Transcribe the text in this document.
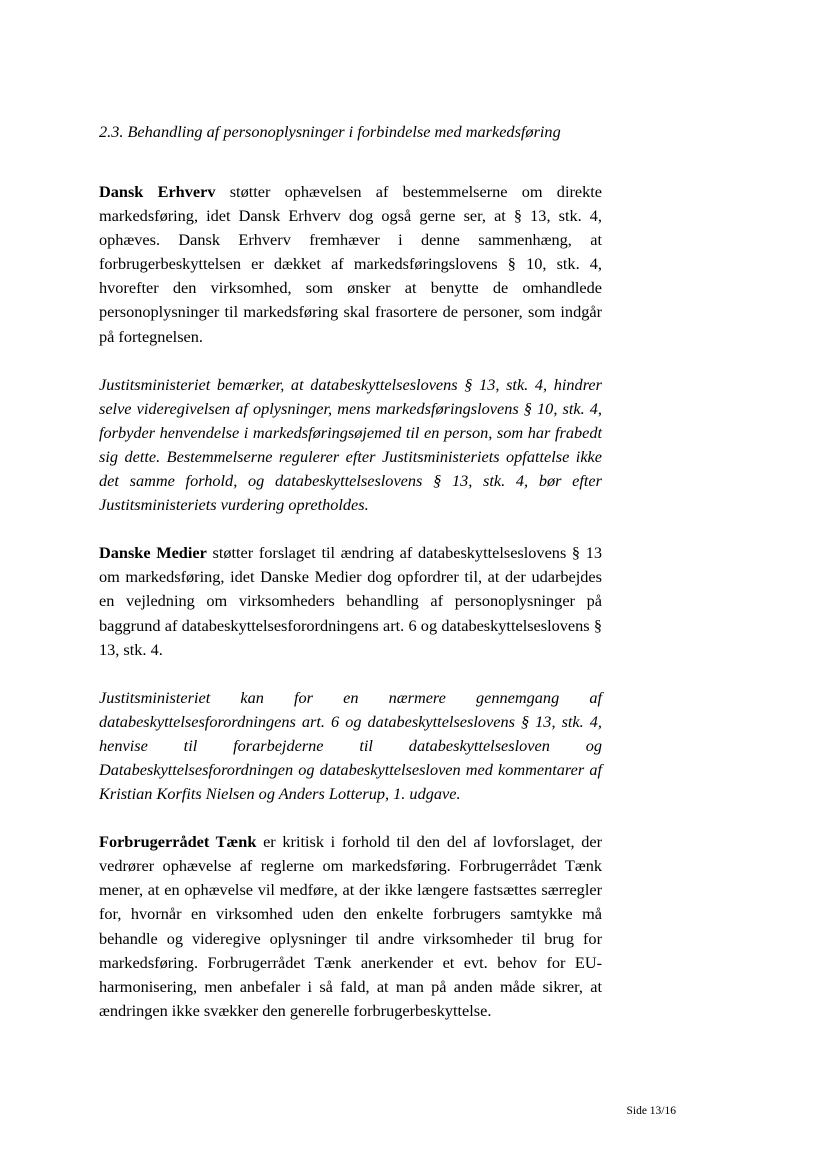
2.3. Behandling af personoplysninger i forbindelse med markedsføring

Dansk Erhverv støtter ophævelsen af bestemmelserne om direkte markedsføring, idet Dansk Erhverv dog også gerne ser, at § 13, stk. 4, ophæves. Dansk Erhverv fremhæver i denne sammenhæng, at forbrugerbeskyttelsen er dækket af markedsføringslovens § 10, stk. 4, hvorefter den virksomhed, som ønsker at benytte de omhandlede personoplysninger til markedsføring skal frasortere de personer, som indgår på fortegnelsen.

Justitsministeriet bemærker, at databeskyttelseslovens § 13, stk. 4, hindrer selve videregivelsen af oplysninger, mens markedsføringslovens § 10, stk. 4, forbyder henvendelse i markedsføringsøjemed til en person, som har frabedt sig dette. Bestemmelserne regulerer efter Justitsministeriets opfattelse ikke det samme forhold, og databeskyttelseslovens § 13, stk. 4, bør efter Justitsministeriets vurdering opretholdes.

Danske Medier støtter forslaget til ændring af databeskyttelseslovens § 13 om markedsføring, idet Danske Medier dog opfordrer til, at der udarbejdes en vejledning om virksomheders behandling af personoplysninger på baggrund af databeskyttelsesforordningens art. 6 og databeskyttelseslovens § 13, stk. 4.

Justitsministeriet kan for en nærmere gennemgang af databeskyttelsesforordningens art. 6 og databeskyttelseslovens § 13, stk. 4, henvise til forarbejderne til databeskyttelsesloven og Databeskyttelsesforordningen og databeskyttelsesloven med kommentarer af Kristian Korfits Nielsen og Anders Lotterup, 1. udgave.

Forbrugerrådet Tænk er kritisk i forhold til den del af lovforslaget, der vedrører ophævelse af reglerne om markedsføring. Forbrugerrådet Tænk mener, at en ophævelse vil medføre, at der ikke længere fastsættes særregler for, hvornår en virksomhed uden den enkelte forbrugers samtykke må behandle og videregive oplysninger til andre virksomheder til brug for markedsføring. Forbrugerrådet Tænk anerkender et evt. behov for EU-harmonisering, men anbefaler i så fald, at man på anden måde sikrer, at ændringen ikke svækker den generelle forbrugerbeskyttelse.

Side 13/16
